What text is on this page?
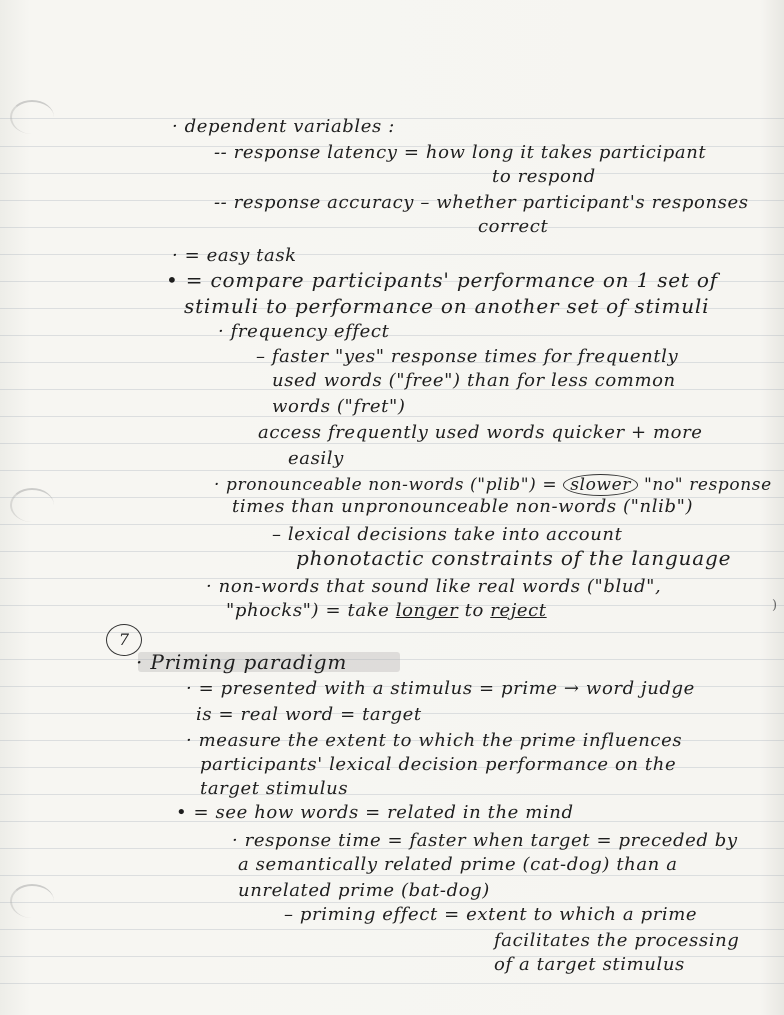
)
· dependent variables :
-- response latency = how long it takes participant
to respond
-- response accuracy – whether participant's responses
correct
· = easy task
• = compare participants' performance on 1 set of
stimuli to performance on another set of stimuli
· frequency effect
– faster "yes" response times for frequently
used words ("free") than for less common
words ("fret")
access frequently used words quicker + more
easily
· pronounceable non-words ("plib") = slower "no" response
times than unpronounceable non-words ("nlib")
– lexical decisions take into account
phonotactic constraints of the language
· non-words that sound like real words ("blud",
"phocks") = take longer to reject
7
· Priming paradigm
· = presented with a stimulus = prime → word judge
is = real word = target
· measure the extent to which the prime influences
participants' lexical decision performance on the
target stimulus
• = see how words = related in the mind
· response time = faster when target = preceded by
a semantically related prime (cat-dog) than a
unrelated prime (bat-dog)
– priming effect = extent to which a prime
facilitates the processing
of a target stimulus
